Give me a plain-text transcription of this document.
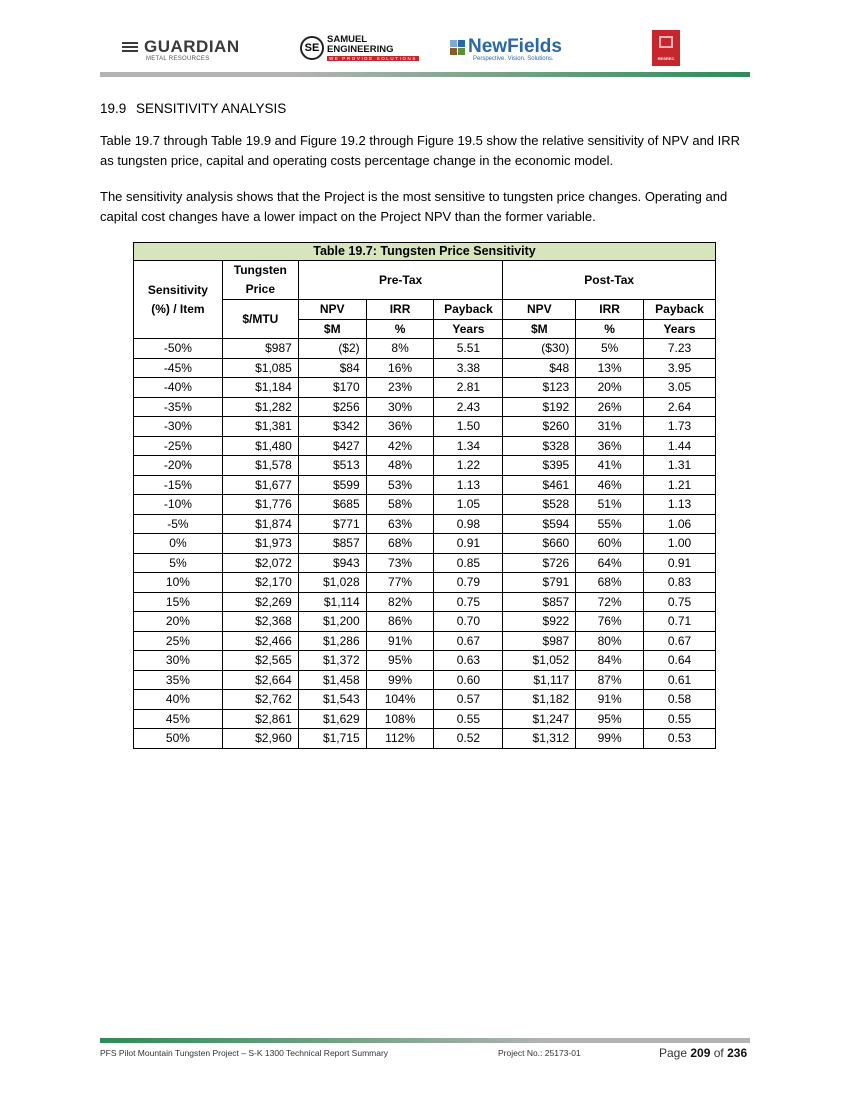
GUARDIAN
METAL RESOURCES
SE
SAMUEL
ENGINEERING
WE PROVIDE SOLUTIONS
NewFields
Perspective. Vision. Solutions.	RESREC
19.9 SENSITIVITY ANALYSIS
Table 19.7 through Table 19.9 and Figure 19.2 through Figure 19.5 show the relative sensitivity of NPV and IRR as tungsten price, capital and operating costs percentage change in the economic model.
The sensitivity analysis shows that the Project is the most sensitive to tungsten price changes. Operating and capital cost changes have a lower impact on the Project NPV than the former variable.
Table 19.7: Tungsten Price Sensitivity							
Sensitivity (%) / Item	Tungsten Price	Pre-Tax			Post-Tax		
	$/MTU	NPV	IRR	Payback	NPV	IRR	Payback
		$M	%	Years	$M	%	Years
-50%	$987	($2)	8%	5.51	($30)	5%	7.23
-45%	$1,085	$84	16%	3.38	$48	13%	3.95
-40%	$1,184	$170	23%	2.81	$123	20%	3.05
-35%	$1,282	$256	30%	2.43	$192	26%	2.64
-30%	$1,381	$342	36%	1.50	$260	31%	1.73
-25%	$1,480	$427	42%	1.34	$328	36%	1.44
-20%	$1,578	$513	48%	1.22	$395	41%	1.31
-15%	$1,677	$599	53%	1.13	$461	46%	1.21
-10%	$1,776	$685	58%	1.05	$528	51%	1.13
-5%	$1,874	$771	63%	0.98	$594	55%	1.06
0%	$1,973	$857	68%	0.91	$660	60%	1.00
5%	$2,072	$943	73%	0.85	$726	64%	0.91
10%	$2,170	$1,028	77%	0.79	$791	68%	0.83
15%	$2,269	$1,114	82%	0.75	$857	72%	0.75
20%	$2,368	$1,200	86%	0.70	$922	76%	0.71
25%	$2,466	$1,286	91%	0.67	$987	80%	0.67
30%	$2,565	$1,372	95%	0.63	$1,052	84%	0.64
35%	$2,664	$1,458	99%	0.60	$1,117	87%	0.61
40%	$2,762	$1,543	104%	0.57	$1,182	91%	0.58
45%	$2,861	$1,629	108%	0.55	$1,247	95%	0.55
50%	$2,960	$1,715	112%	0.52	$1,312	99%	0.53
PFS Pilot Mountain Tungsten Project – S-K 1300 Technical Report Summary	Project No.: 25173-01	Page 209 of 236
